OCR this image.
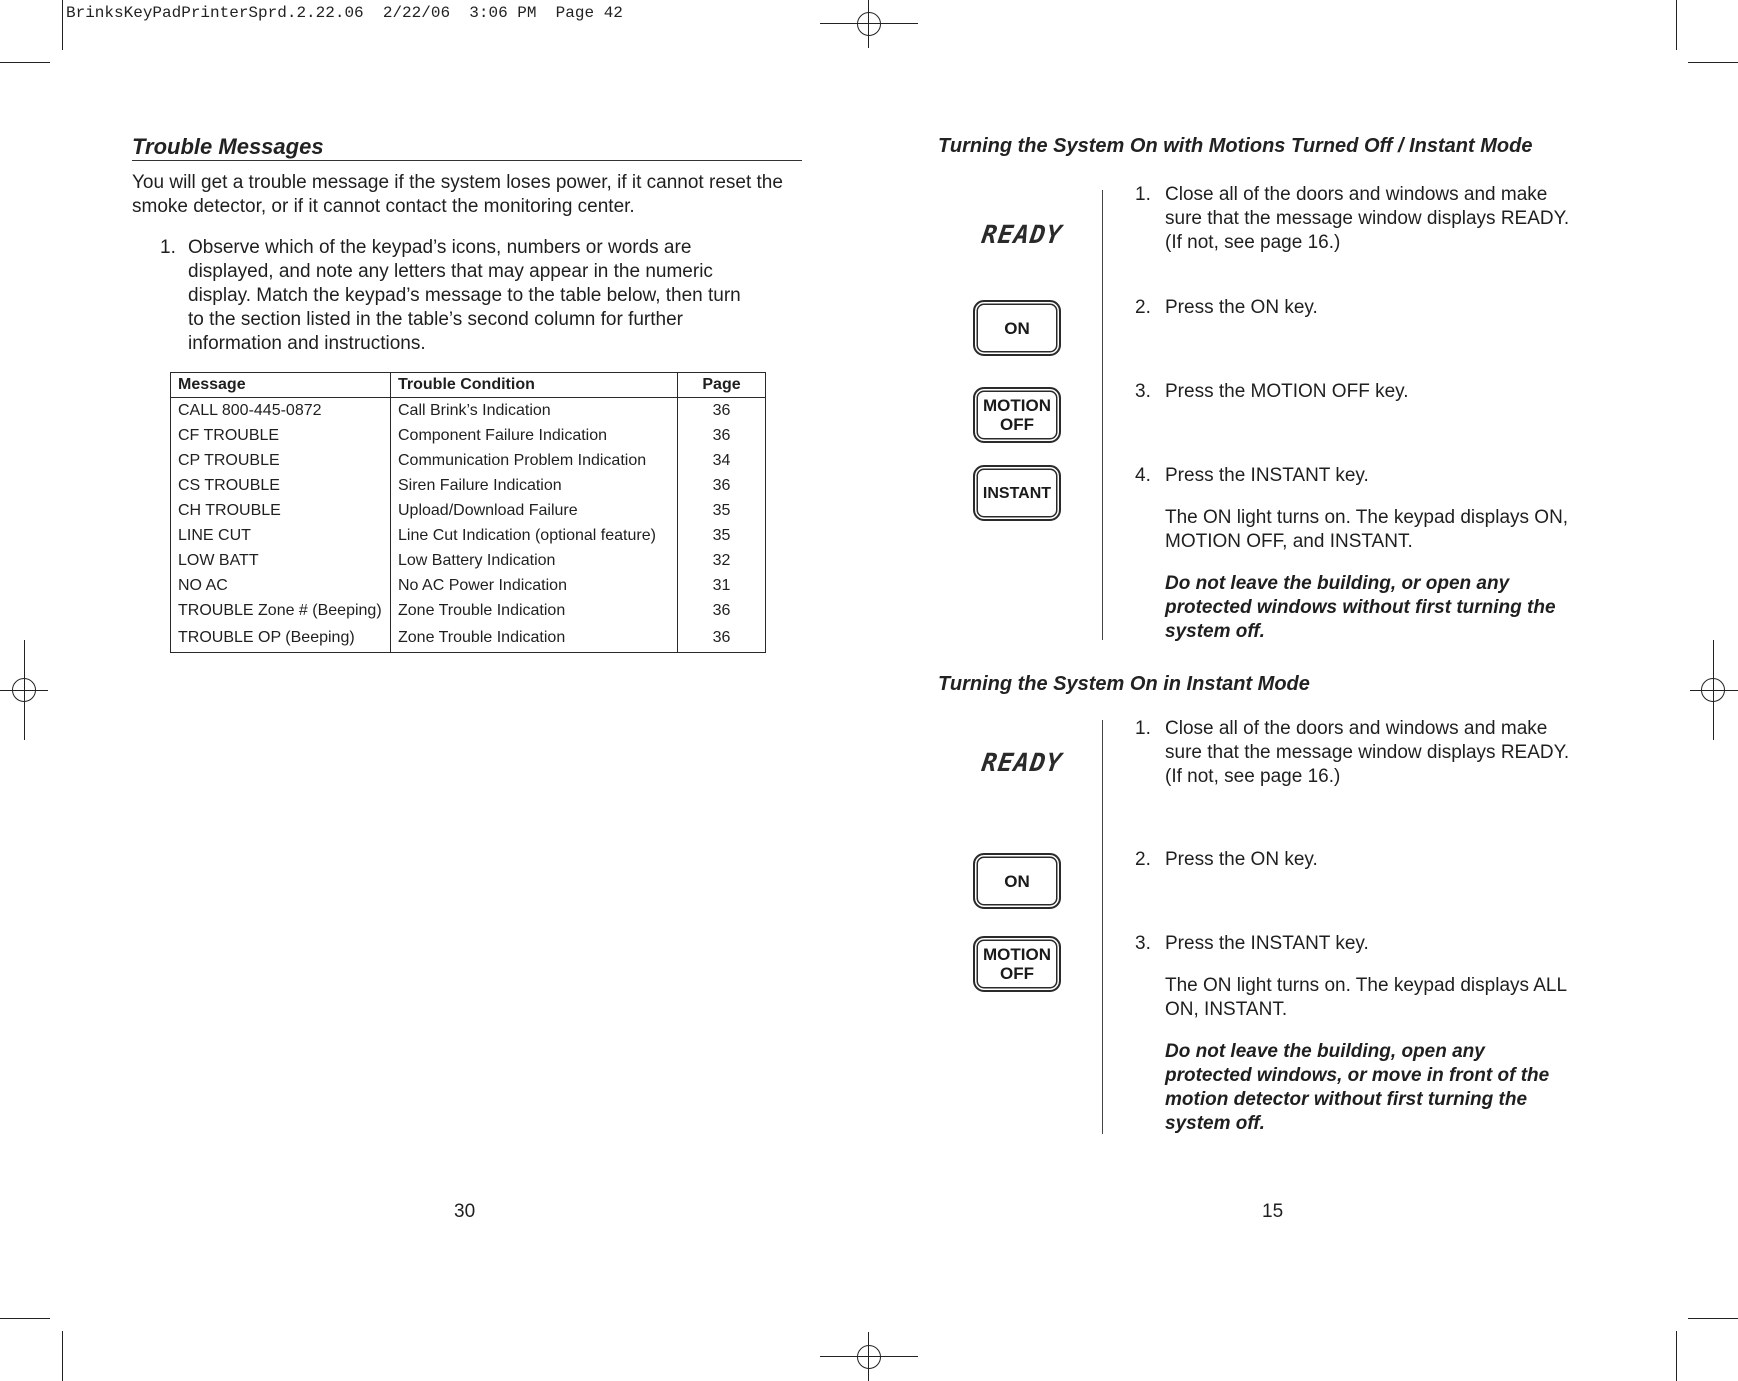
BrinksKeyPadPrinterSprd.2.22.06  2/22/06  3:06 PM  Page 42
Trouble Messages
You will get a trouble message if the system loses power, if it cannot reset the smoke detector, or if it cannot contact the monitoring center.
1. Observe which of the keypad’s icons, numbers or words are displayed, and note any letters that may appear in the numeric display. Match the keypad’s message to the table below, then turn to the section listed in the table’s second column for further information and instructions.
Message	Trouble Condition	Page
CALL 800-445-0872	Call Brink’s Indication	36
CF TROUBLE	Component Failure Indication	36
CP TROUBLE	Communication Problem Indication	34
CS TROUBLE	Siren Failure Indication	36
CH TROUBLE	Upload/Download Failure	35
LINE CUT	Line Cut Indication (optional feature)	35
LOW BATT	Low Battery Indication	32
NO AC	No AC Power Indication	31
TROUBLE Zone # (Beeping)	Zone Trouble Indication	36
TROUBLE OP (Beeping)	Zone Trouble Indication	36
30
Turning the System On with Motions Turned Off / Instant Mode
READY
ON
MOTION
OFF
INSTANT
1. Close all of the doors and windows and make sure that the message window displays READY. (If not, see page 16.)
2. Press the ON key.
3. Press the MOTION OFF key.
4. Press the INSTANT key.
The ON light turns on. The keypad displays ON, MOTION OFF, and INSTANT.
Do not leave the building, or open any protected windows without first turning the system off.
Turning the System On in Instant Mode
READY
ON
MOTION
OFF
1. Close all of the doors and windows and make sure that the message window displays READY. (If not, see page 16.)
2. Press the ON key.
3. Press the INSTANT key.
The ON light turns on. The keypad displays ALL ON, INSTANT.
Do not leave the building, open any protected windows, or move in front of the motion detector without first turning the system off.
15
